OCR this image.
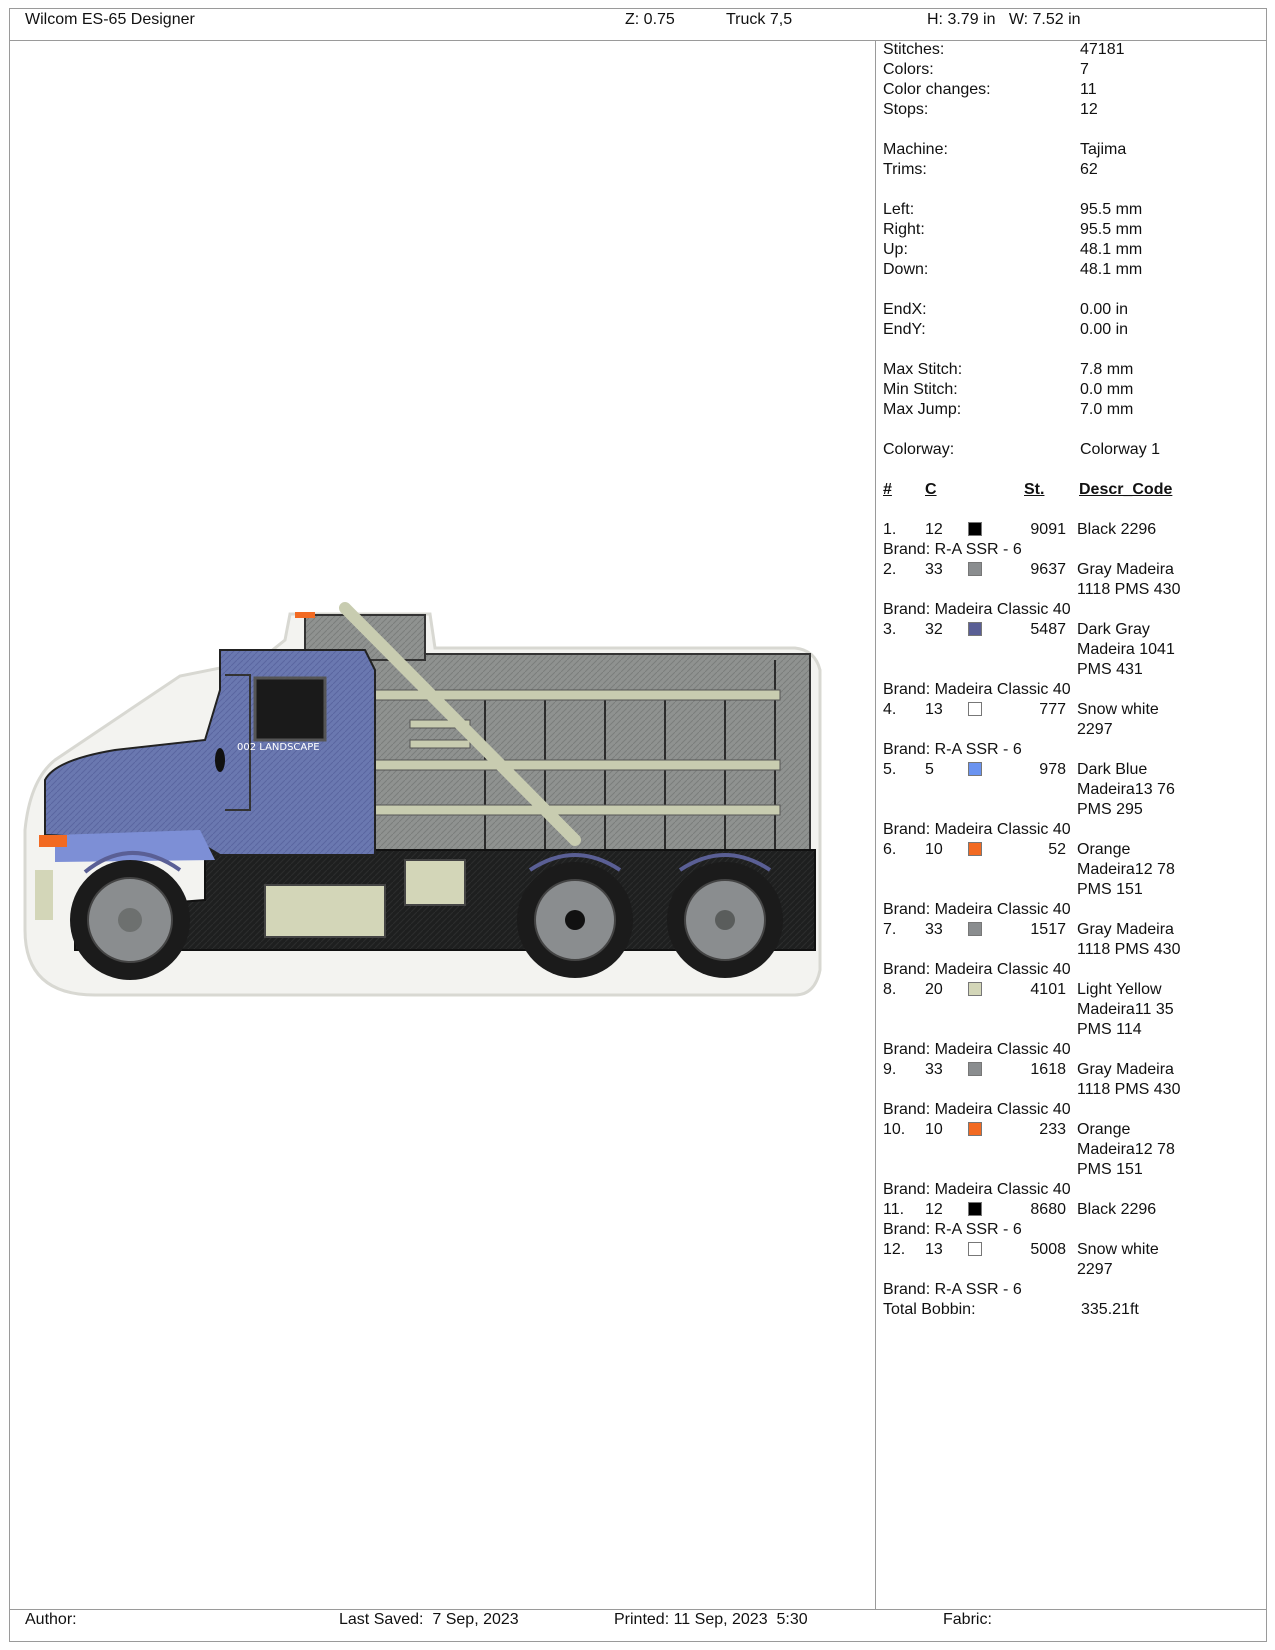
Wilcom ES-65 Designer	Z: 0.75	Truck 7,5	H: 3.79 in   W: 7.52 in
002 LANDSCAPE
Stitches:	47181
Colors:	7
Color changes:	11
Stops:	12
Machine:	Tajima
Trims:	62
Left:	95.5 mm
Right:	95.5 mm
Up:	48.1 mm
Down:	48.1 mm
EndX:	0.00 in
EndY:	0.00 in
Max Stitch:	7.8 mm
Min Stitch:	0.0 mm
Max Jump:	7.0 mm
Colorway:	Colorway 1
# C	St. Descr_Code
1. 12	9091 Black 2296
Brand: R-A SSR - 6
2. 33	9637 Gray Madeira 1118 PMS 430
Brand: Madeira Classic 40
3. 32	5487 Dark Gray Madeira 1041 PMS 431
Brand: Madeira Classic 40
4. 13	777 Snow white 2297
Brand: R-A SSR - 6
5. 5	978 Dark Blue Madeira13 76 PMS 295
Brand: Madeira Classic 40
6. 10	52 Orange Madeira12 78 PMS 151
Brand: Madeira Classic 40
7. 33	1517 Gray Madeira 1118 PMS 430
Brand: Madeira Classic 40
8. 20	4101 Light Yellow Madeira11 35 PMS 114
Brand: Madeira Classic 40
9. 33	1618 Gray Madeira 1118 PMS 430
Brand: Madeira Classic 40
10. 10	233 Orange Madeira12 78 PMS 151
Brand: Madeira Classic 40
11. 12	8680 Black 2296
Brand: R-A SSR - 6
12. 13	5008 Snow white 2297
Brand: R-A SSR - 6
Total Bobbin:	335.21ft
Author:	Last Saved:  7 Sep, 2023	Printed: 11 Sep, 2023  5:30	Fabric:
